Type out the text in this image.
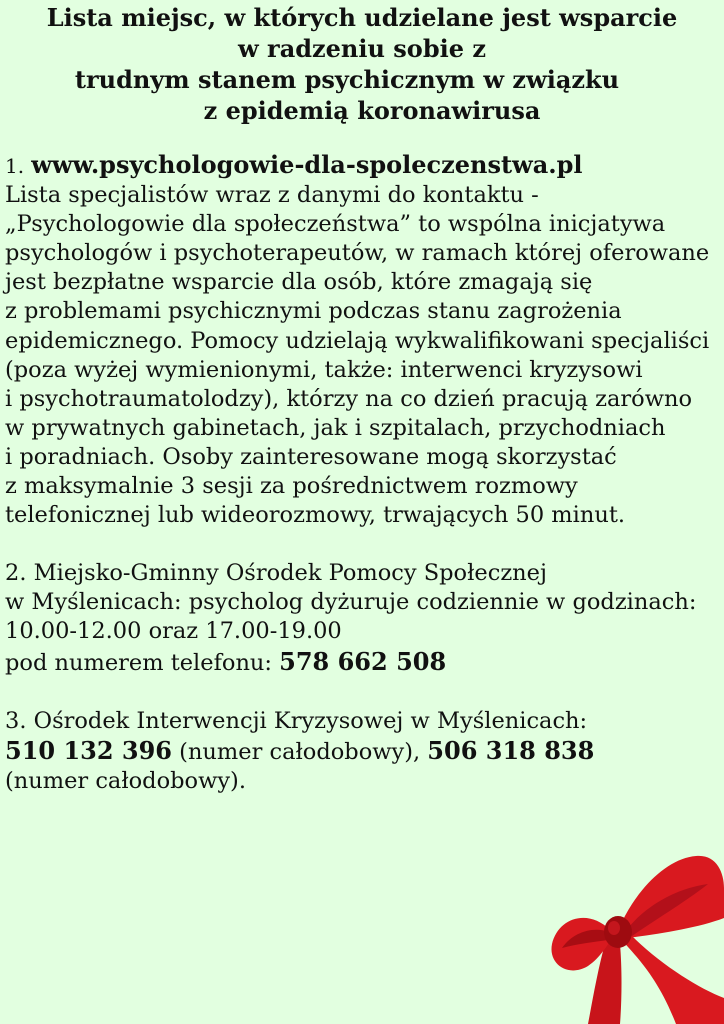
Lista miejsc, w których udzielane jest wsparcie
w radzeniu sobie z
trudnym stanem psychicznym w związku
z epidemią koronawirusa
1. www.psychologowie-dla-spoleczenstwa.pl
Lista specjalistów wraz z danymi do kontaktu -
„Psychologowie dla społeczeństwa” to wspólna inicjatywa
psychologów i psychoterapeutów, w ramach której oferowane
jest bezpłatne wsparcie dla osób, które zmagają się
z problemami psychicznymi podczas stanu zagrożenia
epidemicznego. Pomocy udzielają wykwalifikowani specjaliści
(poza wyżej wymienionymi, także: interwenci kryzysowi
i psychotraumatolodzy), którzy na co dzień pracują zarówno
w prywatnych gabinetach, jak i szpitalach, przychodniach
i poradniach. Osoby zainteresowane mogą skorzystać
z maksymalnie 3 sesji za pośrednictwem rozmowy
telefonicznej lub wideorozmowy, trwających 50 minut.
2. Miejsko-Gminny Ośrodek Pomocy Społecznej
w Myślenicach: psycholog dyżuruje codziennie w godzinach:
10.00-12.00 oraz 17.00-19.00
pod numerem telefonu: 578 662 508
3. Ośrodek Interwencji Kryzysowej w Myślenicach:
510 132 396 (numer całodobowy), 506 318 838
(numer całodobowy).
